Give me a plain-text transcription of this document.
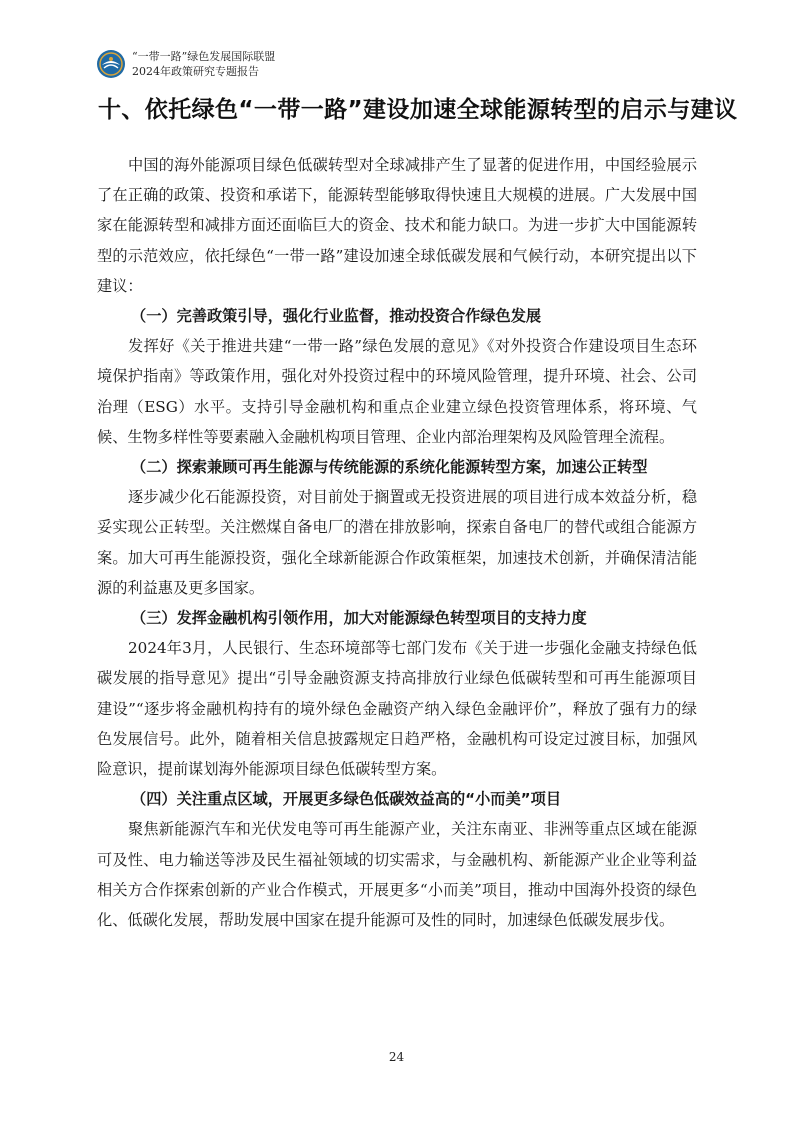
“一带一路”绿色发展国际联盟
2024年政策研究专题报告
十、依托绿色“一带一路”建设加速全球能源转型的启示与建议

中国的海外能源项目绿色低碳转型对全球减排产生了显著的促进作用，中国经验展示了在正确的政策、投资和承诺下，能源转型能够取得快速且大规模的进展。广大发展中国家在能源转型和减排方面还面临巨大的资金、技术和能力缺口。为进一步扩大中国能源转型的示范效应，依托绿色“一带一路”建设加速全球低碳发展和气候行动，本研究提出以下建议：

（一）完善政策引导，强化行业监督，推动投资合作绿色发展

发挥好《关于推进共建“一带一路”绿色发展的意见》《对外投资合作建设项目生态环境保护指南》等政策作用，强化对外投资过程中的环境风险管理，提升环境、社会、公司治理（ESG）水平。支持引导金融机构和重点企业建立绿色投资管理体系，将环境、气候、生物多样性等要素融入金融机构项目管理、企业内部治理架构及风险管理全流程。

（二）探索兼顾可再生能源与传统能源的系统化能源转型方案，加速公正转型

逐步减少化石能源投资，对目前处于搁置或无投资进展的项目进行成本效益分析，稳妥实现公正转型。关注燃煤自备电厂的潜在排放影响，探索自备电厂的替代或组合能源方案。加大可再生能源投资，强化全球新能源合作政策框架，加速技术创新，并确保清洁能源的利益惠及更多国家。

（三）发挥金融机构引领作用，加大对能源绿色转型项目的支持力度

2024年3月，人民银行、生态环境部等七部门发布《关于进一步强化金融支持绿色低碳发展的指导意见》提出“引导金融资源支持高排放行业绿色低碳转型和可再生能源项目建设”“逐步将金融机构持有的境外绿色金融资产纳入绿色金融评价”，释放了强有力的绿色发展信号。此外，随着相关信息披露规定日趋严格，金融机构可设定过渡目标，加强风险意识，提前谋划海外能源项目绿色低碳转型方案。

（四）关注重点区域，开展更多绿色低碳效益高的“小而美”项目

聚焦新能源汽车和光伏发电等可再生能源产业，关注东南亚、非洲等重点区域在能源可及性、电力输送等涉及民生福祉领域的切实需求，与金融机构、新能源产业企业等利益相关方合作探索创新的产业合作模式，开展更多“小而美”项目，推动中国海外投资的绿色化、低碳化发展，帮助发展中国家在提升能源可及性的同时，加速绿色低碳发展步伐。

24
